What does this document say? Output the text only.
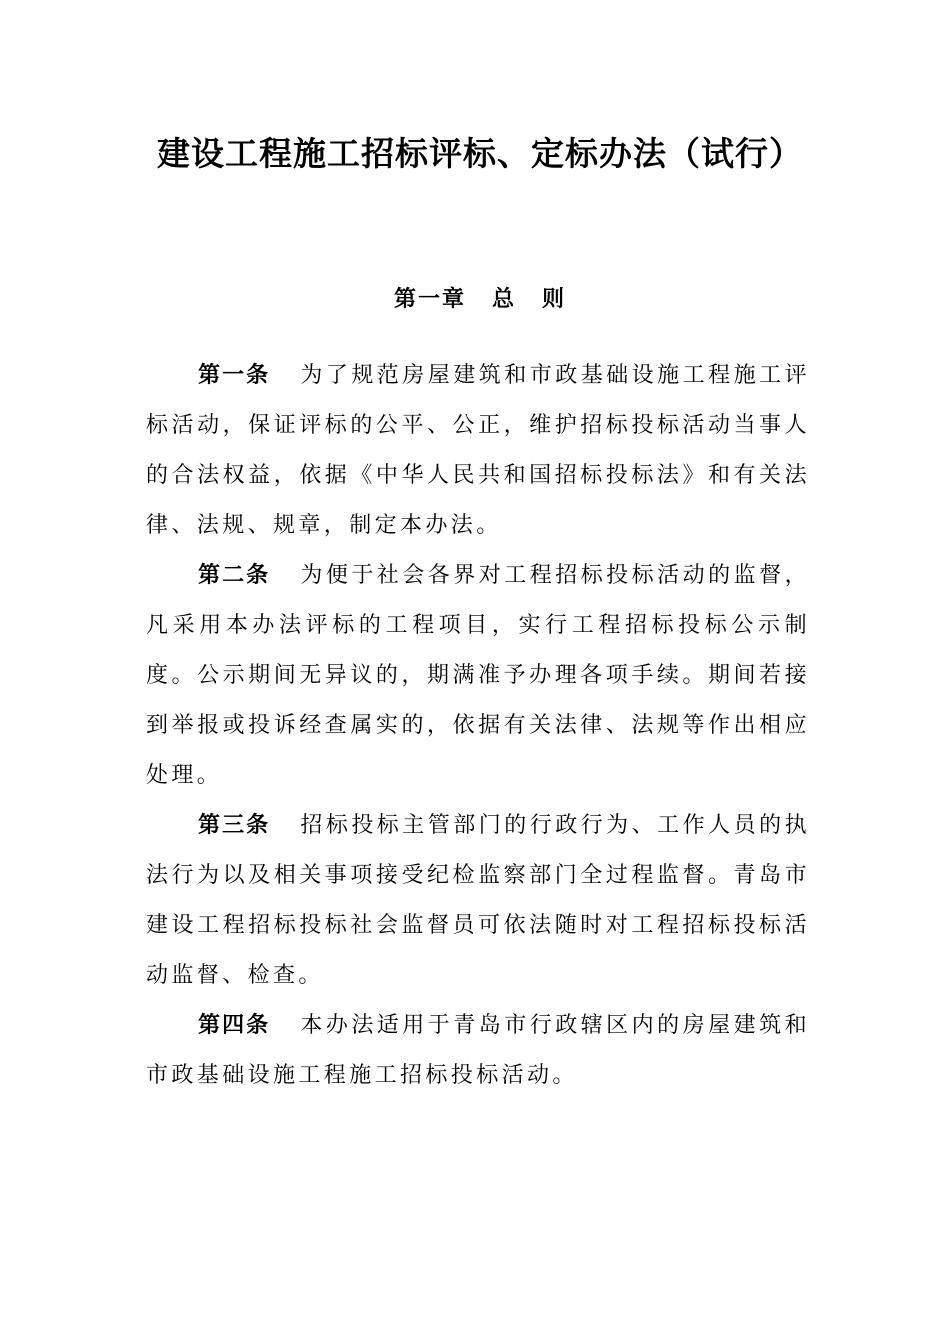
建设工程施工招标评标、定标办法（试行）
第一章 总 则

第一条 为了规范房屋建筑和市政基础设施工程施工评标活动，保证评标的公平、公正，维护招标投标活动当事人的合法权益，依据《中华人民共和国招标投标法》和有关法律、法规、规章，制定本办法。

第二条 为便于社会各界对工程招标投标活动的监督，凡采用本办法评标的工程项目，实行工程招标投标公示制度。公示期间无异议的，期满准予办理各项手续。期间若接到举报或投诉经查属实的，依据有关法律、法规等作出相应处理。

第三条 招标投标主管部门的行政行为、工作人员的执法行为以及相关事项接受纪检监察部门全过程监督。青岛市建设工程招标投标社会监督员可依法随时对工程招标投标活动监督、检查。

第四条 本办法适用于青岛市行政辖区内的房屋建筑和市政基础设施工程施工招标投标活动。
